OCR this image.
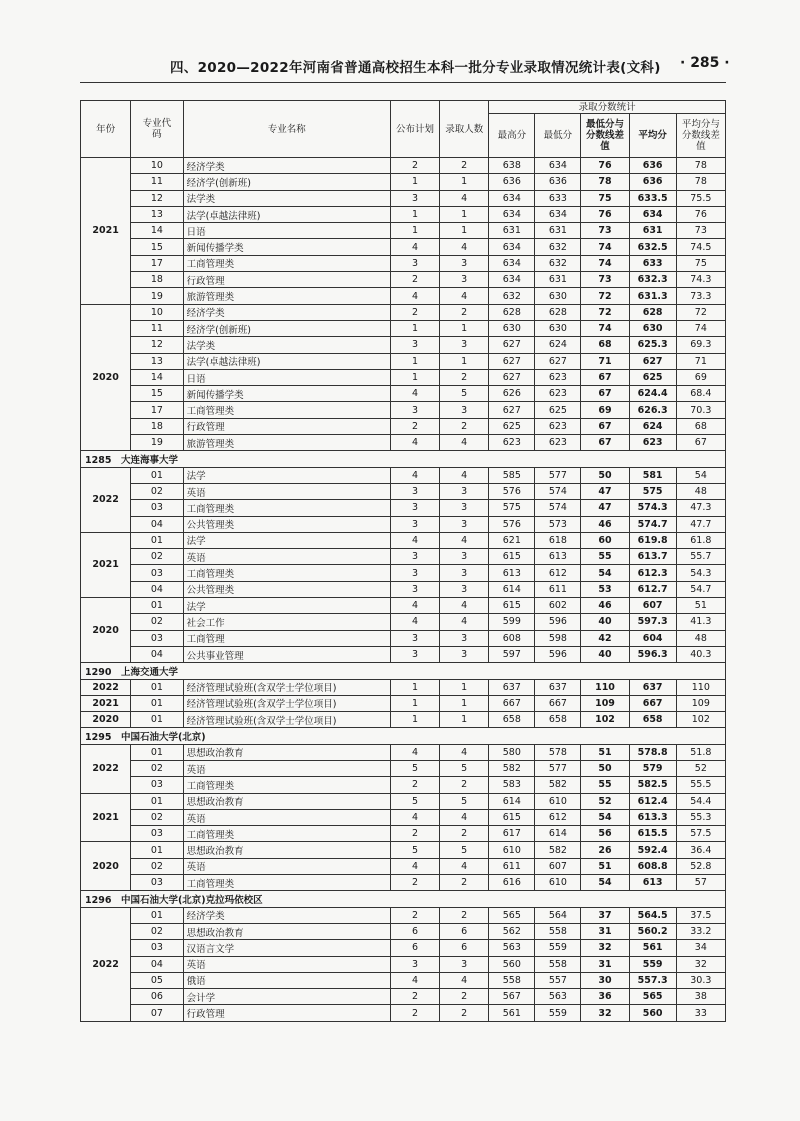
四、2020—2022年河南省普通高校招生本科一批分专业录取情况统计表(文科)	· 285 ·
年份	专业代码	专业名称	公布计划	录取人数	录取分数统计				
					最高分	最低分	最低分与分数线差值	平均分	平均分与分数线差值
2021	10	经济学类	2	2	638	634	76	636	78
	11	经济学(创新班)	1	1	636	636	78	636	78
	12	法学类	3	4	634	633	75	633.5	75.5
	13	法学(卓越法律班)	1	1	634	634	76	634	76
	14	日语	1	1	631	631	73	631	73
	15	新闻传播学类	4	4	634	632	74	632.5	74.5
	17	工商管理类	3	3	634	632	74	633	75
	18	行政管理	2	3	634	631	73	632.3	74.3
	19	旅游管理类	4	4	632	630	72	631.3	73.3
2020	10	经济学类	2	2	628	628	72	628	72
	11	经济学(创新班)	1	1	630	630	74	630	74
	12	法学类	3	3	627	624	68	625.3	69.3
	13	法学(卓越法律班)	1	1	627	627	71	627	71
	14	日语	1	2	627	623	67	625	69
	15	新闻传播学类	4	5	626	623	67	624.4	68.4
	17	工商管理类	3	3	627	625	69	626.3	70.3
	18	行政管理	2	2	625	623	67	624	68
	19	旅游管理类	4	4	623	623	67	623	67
1285　大连海事大学									
2022	01	法学	4	4	585	577	50	581	54
	02	英语	3	3	576	574	47	575	48
	03	工商管理类	3	3	575	574	47	574.3	47.3
	04	公共管理类	3	3	576	573	46	574.7	47.7
2021	01	法学	4	4	621	618	60	619.8	61.8
	02	英语	3	3	615	613	55	613.7	55.7
	03	工商管理类	3	3	613	612	54	612.3	54.3
	04	公共管理类	3	3	614	611	53	612.7	54.7
2020	01	法学	4	4	615	602	46	607	51
	02	社会工作	4	4	599	596	40	597.3	41.3
	03	工商管理	3	3	608	598	42	604	48
	04	公共事业管理	3	3	597	596	40	596.3	40.3
1290　上海交通大学									
2022	01	经济管理试验班(含双学士学位项目)	1	1	637	637	110	637	110
2021	01	经济管理试验班(含双学士学位项目)	1	1	667	667	109	667	109
2020	01	经济管理试验班(含双学士学位项目)	1	1	658	658	102	658	102
1295　中国石油大学(北京)									
2022	01	思想政治教育	4	4	580	578	51	578.8	51.8
	02	英语	5	5	582	577	50	579	52
	03	工商管理类	2	2	583	582	55	582.5	55.5
2021	01	思想政治教育	5	5	614	610	52	612.4	54.4
	02	英语	4	4	615	612	54	613.3	55.3
	03	工商管理类	2	2	617	614	56	615.5	57.5
2020	01	思想政治教育	5	5	610	582	26	592.4	36.4
	02	英语	4	4	611	607	51	608.8	52.8
	03	工商管理类	2	2	616	610	54	613	57
1296　中国石油大学(北京)克拉玛依校区									
2022	01	经济学类	2	2	565	564	37	564.5	37.5
	02	思想政治教育	6	6	562	558	31	560.2	33.2
	03	汉语言文学	6	6	563	559	32	561	34
	04	英语	3	3	560	558	31	559	32
	05	俄语	4	4	558	557	30	557.3	30.3
	06	会计学	2	2	567	563	36	565	38
	07	行政管理	2	2	561	559	32	560	33
